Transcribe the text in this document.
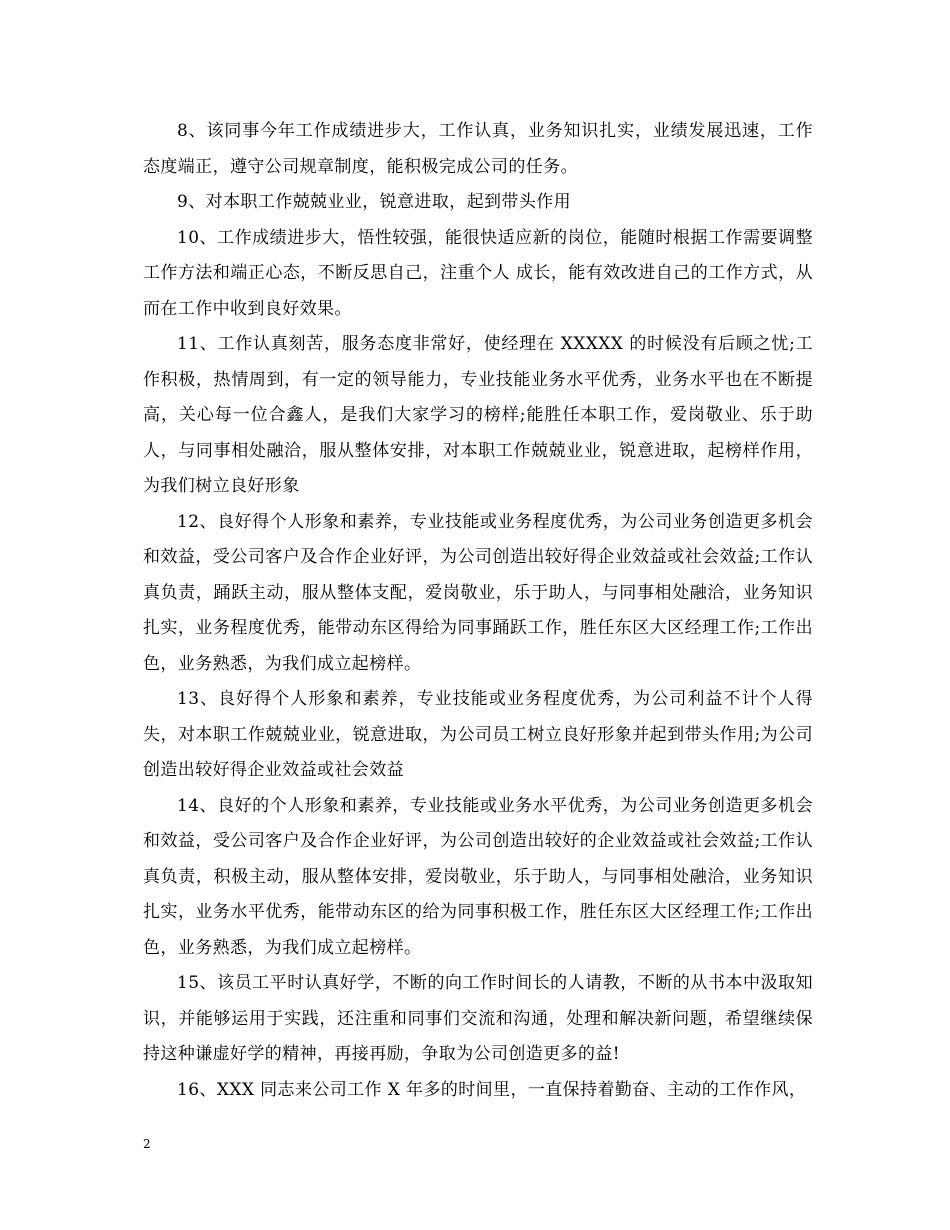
8、该同事今年工作成绩进步大，工作认真，业务知识扎实，业绩发展迅速，工作态度端正，遵守公司规章制度，能积极完成公司的任务。

9、对本职工作兢兢业业，锐意进取，起到带头作用

10、工作成绩进步大，悟性较强，能很快适应新的岗位，能随时根据工作需要调整工作方法和端正心态，不断反思自己，注重个人 成长，能有效改进自己的工作方式，从而在工作中收到良好效果。

11、工作认真刻苦，服务态度非常好，使经理在 XXXXX 的时候没有后顾之忧;工作积极，热情周到，有一定的领导能力，专业技能业务水平优秀，业务水平也在不断提高，关心每一位合鑫人，是我们大家学习的榜样;能胜任本职工作，爱岗敬业、乐于助人，与同事相处融洽，服从整体安排，对本职工作兢兢业业，锐意进取，起榜样作用，为我们树立良好形象

12、良好得个人形象和素养，专业技能或业务程度优秀，为公司业务创造更多机会和效益，受公司客户及合作企业好评，为公司创造出较好得企业效益或社会效益;工作认真负责，踊跃主动，服从整体支配，爱岗敬业，乐于助人，与同事相处融洽，业务知识扎实，业务程度优秀，能带动东区得给为同事踊跃工作，胜任东区大区经理工作;工作出色，业务熟悉，为我们成立起榜样。

13、良好得个人形象和素养，专业技能或业务程度优秀，为公司利益不计个人得失，对本职工作兢兢业业，锐意进取，为公司员工树立良好形象并起到带头作用;为公司创造出较好得企业效益或社会效益

14、良好的个人形象和素养，专业技能或业务水平优秀，为公司业务创造更多机会和效益，受公司客户及合作企业好评，为公司创造出较好的企业效益或社会效益;工作认真负责，积极主动，服从整体安排，爱岗敬业，乐于助人，与同事相处融洽，业务知识扎实，业务水平优秀，能带动东区的给为同事积极工作，胜任东区大区经理工作;工作出色，业务熟悉，为我们成立起榜样。

15、该员工平时认真好学，不断的向工作时间长的人请教，不断的从书本中汲取知识，并能够运用于实践，还注重和同事们交流和沟通，处理和解决新问题，希望继续保持这种谦虚好学的精神，再接再励，争取为公司创造更多的益!

16、XXX 同志来公司工作 X 年多的时间里，一直保持着勤奋、主动的工作作风，

2
